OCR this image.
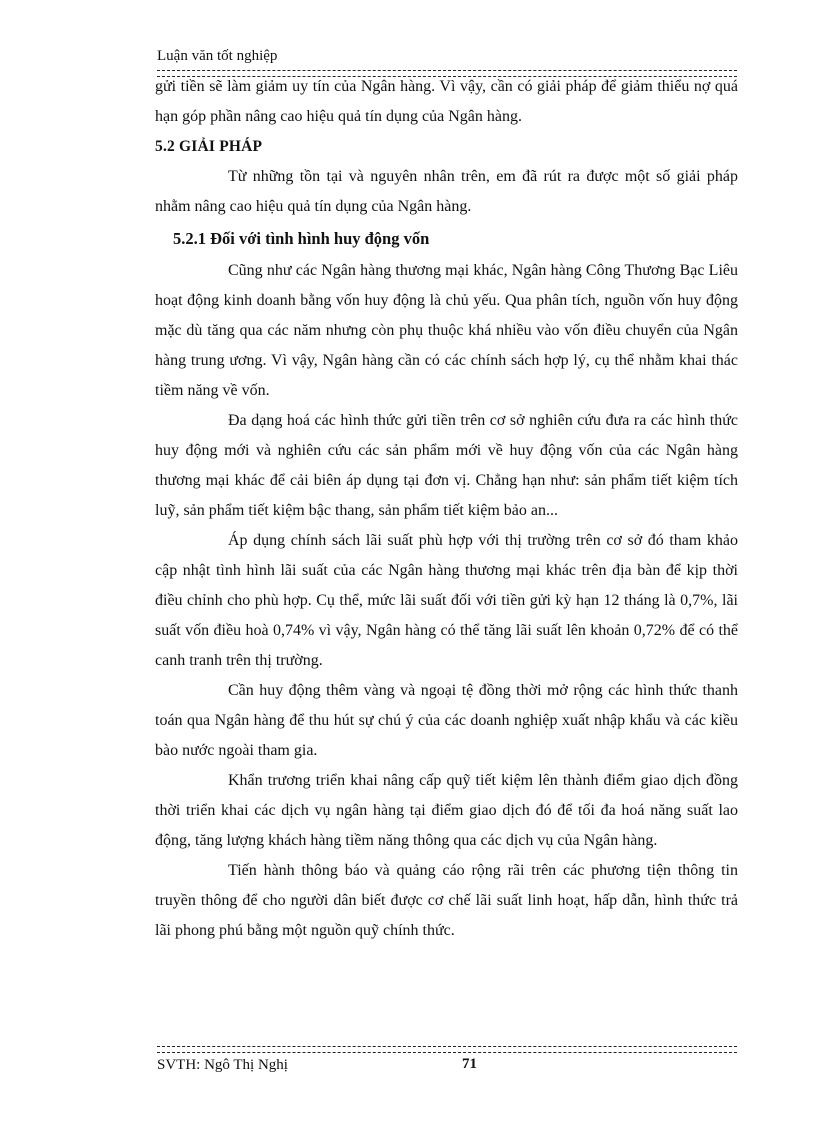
Luận văn tốt nghiệp

gửi tiền sẽ làm giảm uy tín của Ngân hàng. Vì vậy, cần có giải pháp để giảm thiểu nợ quá hạn góp phần nâng cao hiệu quả tín dụng của Ngân hàng.

5.2 GIẢI PHÁP

Từ những tồn tại và nguyên nhân trên, em đã rút ra được một số giải pháp nhằm nâng cao hiệu quả tín dụng của Ngân hàng.

5.2.1 Đối với tình hình huy động vốn

Cũng như các Ngân hàng thương mại khác, Ngân hàng Công Thương Bạc Liêu hoạt động kinh doanh bằng vốn huy động là chủ yếu. Qua phân tích, nguồn vốn huy động mặc dù tăng qua các năm nhưng còn phụ thuộc khá nhiều vào vốn điều chuyển của Ngân hàng trung ương. Vì vậy, Ngân hàng cần có các chính sách hợp lý, cụ thể nhằm khai thác tiềm năng về vốn.

Đa dạng hoá các hình thức gửi tiền trên cơ sở nghiên cứu đưa ra các hình thức huy động mới và nghiên cứu các sản phẩm mới về huy động vốn của các Ngân hàng thương mại khác để cải biên áp dụng tại đơn vị. Chẳng hạn như: sản phẩm tiết kiệm tích luỹ, sản phẩm tiết kiệm bậc thang, sản phẩm tiết kiệm bảo an...

Áp dụng chính sách lãi suất phù hợp với thị trường trên cơ sở đó tham khảo cập nhật tình hình lãi suất của các Ngân hàng thương mại khác trên địa bàn để kịp thời điều chỉnh cho phù hợp. Cụ thể, mức lãi suất đối với tiền gửi kỳ hạn 12 tháng là 0,7%, lãi suất vốn điều hoà 0,74% vì vậy, Ngân hàng có thể tăng lãi suất lên khoản 0,72% để có thể canh tranh trên thị trường.

Cần huy động thêm vàng và ngoại tệ đồng thời mở rộng các hình thức thanh toán qua Ngân hàng để thu hút sự chú ý của các doanh nghiệp xuất nhập khẩu và các kiều bào nước ngoài tham gia.

Khẩn trương triển khai nâng cấp quỹ tiết kiệm lên thành điểm giao dịch đồng thời triển khai các dịch vụ ngân hàng tại điểm giao dịch đó để tối đa hoá năng suất lao động, tăng lượng khách hàng tiềm năng thông qua các dịch vụ của Ngân hàng.

Tiến hành thông báo và quảng cáo rộng rãi trên các phương tiện thông tin truyền thông để cho người dân biết được cơ chế lãi suất linh hoạt, hấp dẫn, hình thức trả lãi phong phú bằng một nguồn quỹ chính thức.

SVTH: Ngô Thị Nghị	71
